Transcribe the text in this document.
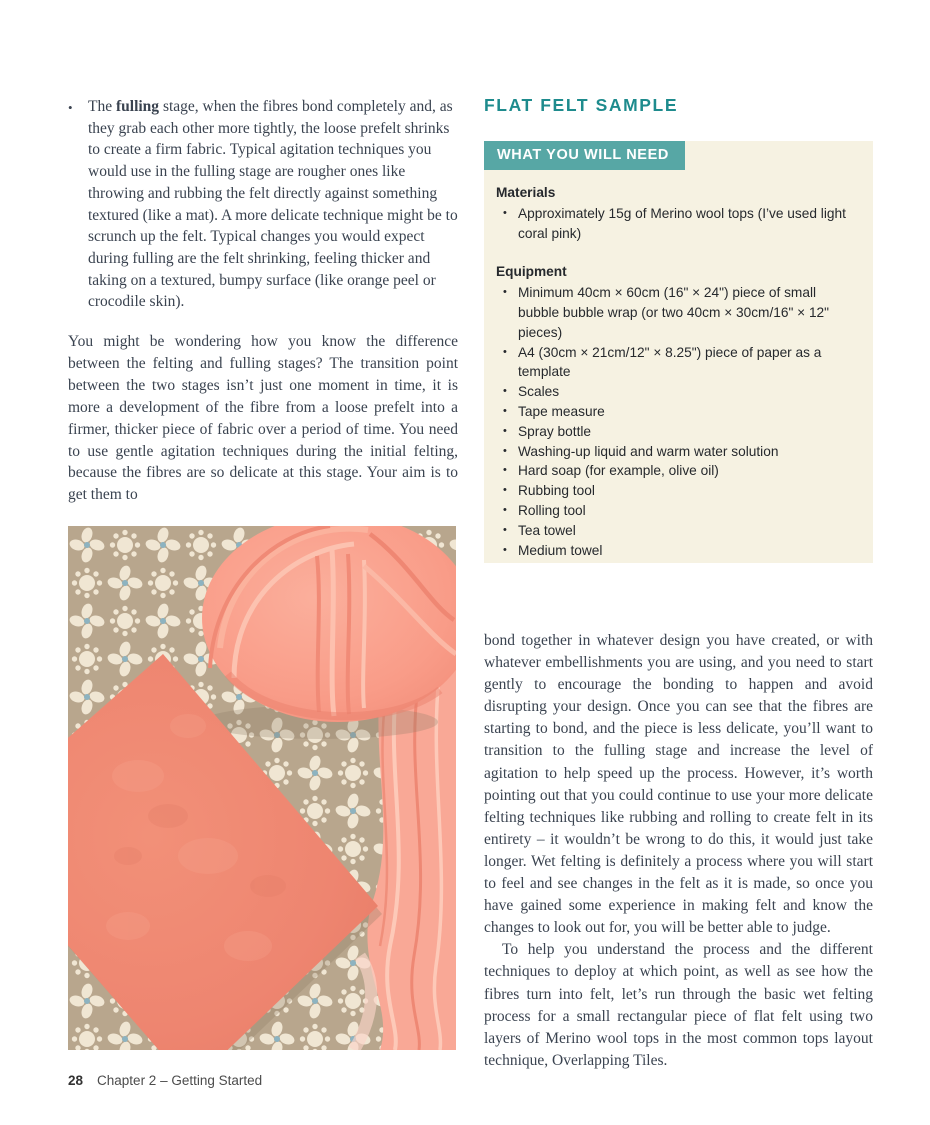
• The fulling stage, when the fibres bond completely and, as they grab each other more tightly, the loose prefelt shrinks to create a firm fabric. Typical agitation techniques you would use in the fulling stage are rougher ones like throwing and rubbing the felt directly against something textured (like a mat). A more delicate technique might be to scrunch up the felt. Typical changes you would expect during fulling are the felt shrinking, feeling thicker and taking on a textured, bumpy surface (like orange peel or crocodile skin).

You might be wondering how you know the difference between the felting and fulling stages? The transition point between the two stages isn’t just one moment in time, it is more a development of the fibre from a loose prefelt into a firmer, thicker piece of fabric over a period of time. You need to use gentle agitation techniques during the initial felting, because the fibres are so delicate at this stage. Your aim is to get them to

FLAT FELT SAMPLE
WHAT YOU WILL NEED
Materials
• Approximately 15g of Merino wool tops (I’ve used light coral pink)
Equipment
• Minimum 40cm × 60cm (16" × 24") piece of small bubble bubble wrap (or two 40cm × 30cm/16" × 12" pieces)
• A4 (30cm × 21cm/12" × 8.25") piece of paper as a template
• Scales
• Tape measure
• Spray bottle
• Washing-up liquid and warm water solution
• Hard soap (for example, olive oil)
• Rubbing tool
• Rolling tool
• Tea towel
• Medium towel

bond together in whatever design you have created, or with whatever embellishments you are using, and you need to start gently to encourage the bonding to happen and avoid disrupting your design. Once you can see that the fibres are starting to bond, and the piece is less delicate, you’ll want to transition to the fulling stage and increase the level of agitation to help speed up the process. However, it’s worth pointing out that you could continue to use your more delicate felting techniques like rubbing and rolling to create felt in its entirety – it wouldn’t be wrong to do this, it would just take longer. Wet felting is definitely a process where you will start to feel and see changes in the felt as it is made, so once you have gained some experience in making felt and know the changes to look out for, you will be better able to judge.

To help you understand the process and the different techniques to deploy at which point, as well as see how the fibres turn into felt, let’s run through the basic wet felting process for a small rectangular piece of flat felt using two layers of Merino wool tops in the most common tops layout technique, Overlapping Tiles.

28 Chapter 2 – Getting Started
